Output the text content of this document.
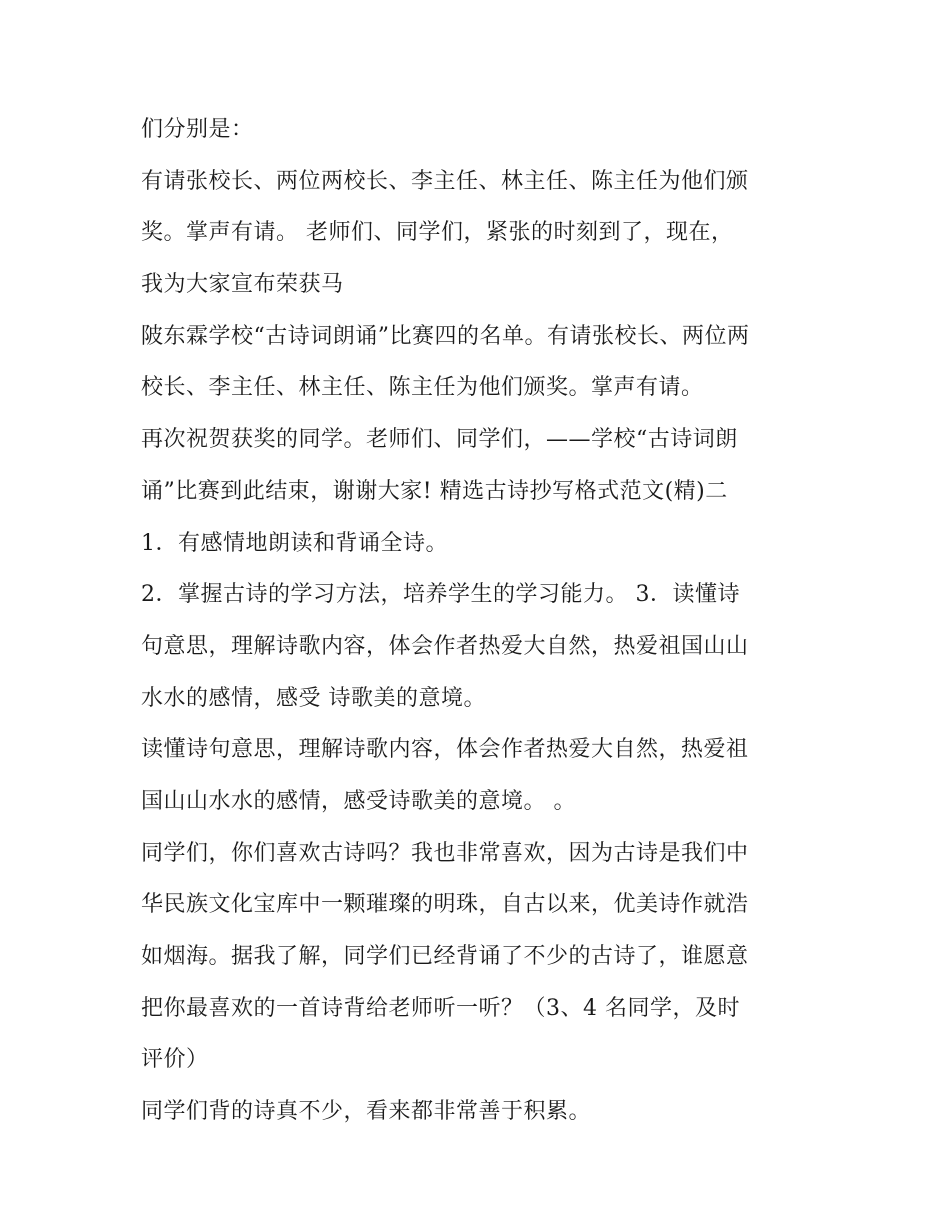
们分别是：
有请张校长、两位两校长、李主任、林主任、陈主任为他们颁
奖。掌声有请。 老师们、同学们，紧张的时刻到了，现在，
我为大家宣布荣获马
陂东霖学校“古诗词朗诵”比赛四的名单。有请张校长、两位两
校长、李主任、林主任、陈主任为他们颁奖。掌声有请。
再次祝贺获奖的同学。老师们、同学们，——学校“古诗词朗
诵”比赛到此结束，谢谢大家! 精选古诗抄写格式范文(精)二
1．有感情地朗读和背诵全诗。
2．掌握古诗的学习方法，培养学生的学习能力。 3．读懂诗
句意思，理解诗歌内容，体会作者热爱大自然，热爱祖国山山
水水的感情，感受 诗歌美的意境。
读懂诗句意思，理解诗歌内容，体会作者热爱大自然，热爱祖
国山山水水的感情，感受诗歌美的意境。 。
同学们，你们喜欢古诗吗？我也非常喜欢，因为古诗是我们中
华民族文化宝库中一颗璀璨的明珠，自古以来，优美诗作就浩
如烟海。据我了解，同学们已经背诵了不少的古诗了，谁愿意
把你最喜欢的一首诗背给老师听一听？（3、4 名同学，及时
评价）
同学们背的诗真不少，看来都非常善于积累。
